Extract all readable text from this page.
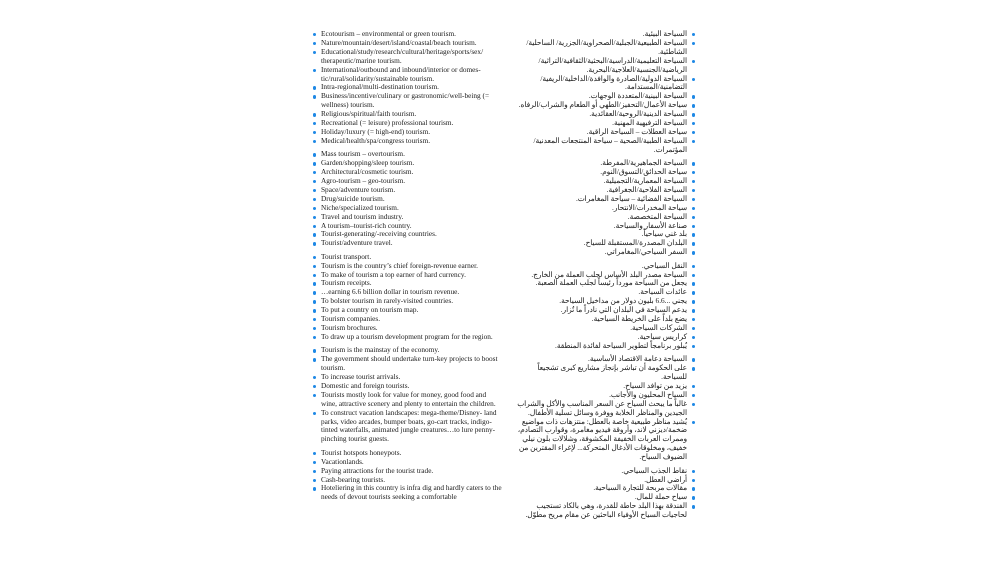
Ecotourism – environmental or green tourism.
Nature/mountain/desert/island/coastal/beach tourism.
Educational/study/research/cultural/heritage/sports/sex/ therapeutic/marine tourism.
International/outbound and inbound/interior or domes- tic/rural/solidarity/sustainable tourism.
Intra-regional/multi-destination tourism.
Business/incentive/culinary or gastronomic/well-being (= wellness) tourism.
Religious/spiritual/faith tourism.
Recreational (= leisure) professional tourism.
Holiday/luxury (= high-end) tourism.
Medical/health/spa/congress tourism.
Mass tourism – overtourism.
Garden/shopping/sleep tourism.
Architectural/cosmetic tourism.
Agro-tourism – geo-tourism.
Space/adventure tourism.
Drug/suicide tourism.
Niche/specialized tourism.
Travel and tourism industry.
A tourism–tourist-rich country.
Tourist-generating/-receiving countries.
Tourist/adventure travel.
Tourist transport.
Tourism is the country’s chief foreign-revenue earner.
To make of tourism a top earner of hard currency.
Tourism receipts.
…earning 6.6 billion dollar in tourism revenue.
To bolster tourism in rarely-visited countries.
To put a country on tourism map.
Tourism companies.
Tourism brochures.
To draw up a tourism development program for the region.
Tourism is the mainstay of the economy.
The government should undertake turn-key projects to boost tourism.
To increase tourist arrivals.
Domestic and foreign tourists.
Tourists mostly look for value for money, good food and wine, attractive scenery and plenty to entertain the children.
To construct vacation landscapes: mega-theme/Disney- land parks, video arcades, bumper boats, go-cart tracks, indigo-tinted waterfalls, animated jungle creatures…to lure penny-pinching tourist guests.
Tourist hotspots honeypots.
Vacationlands.
Paying attractions for the tourist trade.
Cash-bearing tourists.
Hoteliering in this country is infra dig and hardly caters to the needs of devout tourists seeking a comfortable
السياحة البيئية.
السياحة الطبيعية/الجبلية/الصحراوية/الجزرية/ الساحلية/الشاطئية.
السياحة التعليمية/الدراسية/البحثية/الثقافية/التراثية/ الرياضية/الجنسية/العلاجية/البحرية.
السياحة الدولية/الصادرة والوافدة/الداخلية/الريفية/ التضامنية/المستدامة.
السياحة البينية/المتعددة الوجهات.
سياحة الأعمال/التحفيز/الطهي أو الطعام والشراب/الرفاه.
السياحة الدينية/الروحية/العقائدية.
السياحة الترفيهية المهنية.
سياحة العطلات – السياحة الراقية.
السياحة الطبية/الصحية – سياحة المنتجعات المعدنية/ المؤتمرات.
السياحة الجماهيرية/المفرطة.
سياحة الحدائق/التسوق/النوم.
السياحة المعمارية/التجميلية.
السياحة الفلاحية/الجغرافية.
السياحة الفضائية – سياحة المغامرات.
سياحة المخدرات/الانتحار.
السياحة المتخصصة.
صناعة الأسفار والسياحة.
بلد غني سياحياً.
البلدان المصدرة/المستقبلة للسياح.
السفر السياحي/المغامراتي.
النقل السياحي.
السياحة مصدر البلد الأساس لجلب العملة من الخارج.
يجعل من السياحة مورداً رئيساً لجلب العملة الصعبة.
عائدات السياحة.
يجني ...6.6 بليون دولار من مداخيل السياحة.
يدعم السياحة في البلدان التي نادراً ما تُزار.
يضع بلداً على الخريطة السياحية.
الشركات السياحية.
كراريس سياحية.
يُبلور برنامجاً لتطوير السياحة لفائدة المنطقة.
السياحة دعامة الاقتصاد الأساسية.
على الحكومة أن تباشر بإنجاز مشاريع كبرى تشجيعاً للسياحة.
يزيد من توافد السياح.
السياح المحليون والأجانب.
غالباً ما يبحث السياح عن السعر المناسب والأكل والشراب الجيدين والمناظر الخلابة ووفرة وسائل تسلية الأطفال.
يُشيد مناظر طبيعية خاصة بالعطل: منتزهات ذات مواضيع ضخمة/ديزني لاند، وأروقة فيديو مغامرة، وقوارب التصادم، وممرات العربات الخفيفة المكشوفة، وشلالات بلون نيلي خفيف، ومخلوقات الأدغال المتحركة... لإغراء المقترين من الضيوف السياح.
نقاط الجذب السياحي.
أراضي العطل.
مقالات مربحة للتجارة السياحية.
سياح حملة للمال.
الفندقة بهذا البلد حاطة للقدرة، وهي بالكاد تستجيب لحاجيات السياح الأوفياء الباحثين عن مقام مريح مطوّل.
